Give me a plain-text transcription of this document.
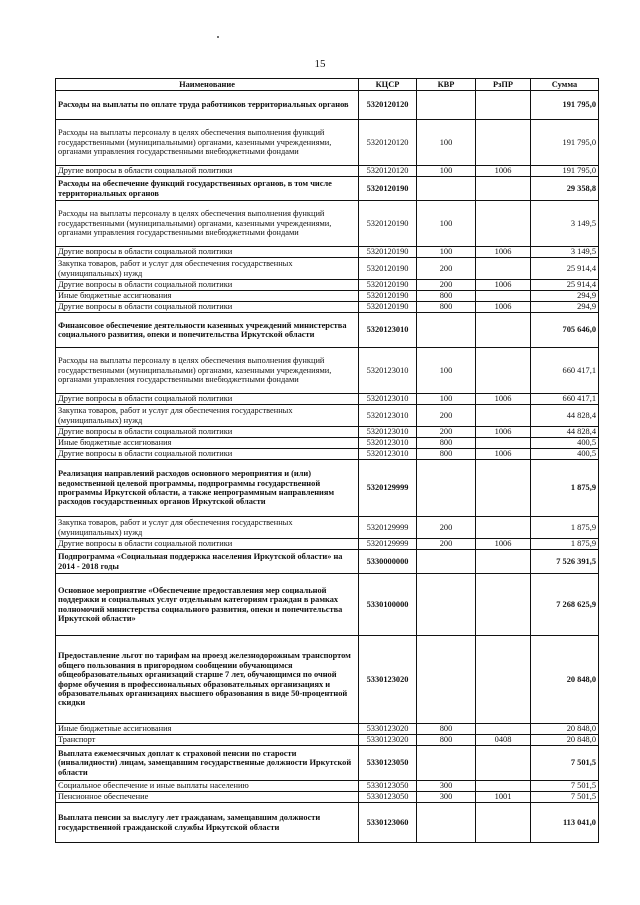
15
Наименование	КЦСР	КВР	РзПР	Сумма
Расходы на выплаты по оплате труда работников территориальных органов	5320120120			191 795,0
Расходы на выплаты персоналу в целях обеспечения выполнения функций государственными (муниципальными) органами, казенными учреждениями, органами управления государственными внебюджетными фондами	5320120120	100		191 795,0
Другие вопросы в области социальной политики	5320120120	100	1006	191 795,0
Расходы на обеспечение функций государственных органов, в том числе территориальных органов	5320120190			29 358,8
Расходы на выплаты персоналу в целях обеспечения выполнения функций государственными (муниципальными) органами, казенными учреждениями, органами управления государственными внебюджетными фондами	5320120190	100		3 149,5
Другие вопросы в области социальной политики	5320120190	100	1006	3 149,5
Закупка товаров, работ и услуг для обеспечения государственных (муниципальных) нужд	5320120190	200		25 914,4
Другие вопросы в области социальной политики	5320120190	200	1006	25 914,4
Иные бюджетные ассигнования	5320120190	800		294,9
Другие вопросы в области социальной политики	5320120190	800	1006	294,9
Финансовое обеспечение деятельности казенных учреждений министерства социального развития, опеки и попечительства Иркутской области	5320123010			705 646,0
Расходы на выплаты персоналу в целях обеспечения выполнения функций государственными (муниципальными) органами, казенными учреждениями, органами управления государственными внебюджетными фондами	5320123010	100		660 417,1
Другие вопросы в области социальной политики	5320123010	100	1006	660 417,1
Закупка товаров, работ и услуг для обеспечения государственных (муниципальных) нужд	5320123010	200		44 828,4
Другие вопросы в области социальной политики	5320123010	200	1006	44 828,4
Иные бюджетные ассигнования	5320123010	800		400,5
Другие вопросы в области социальной политики	5320123010	800	1006	400,5
Реализация направлений расходов основного мероприятия и (или) ведомственной целевой программы, подпрограммы государственной программы Иркутской области, а также непрограммным направлениям расходов государственных органов Иркутской области	5320129999			1 875,9
Закупка товаров, работ и услуг для обеспечения государственных (муниципальных) нужд	5320129999	200		1 875,9
Другие вопросы в области социальной политики	5320129999	200	1006	1 875,9
Подпрограмма «Социальная поддержка населения Иркутской области» на 2014 - 2018 годы	5330000000			7 526 391,5
Основное мероприятие «Обеспечение предоставления мер социальной поддержки и социальных услуг отдельным категориям граждан в рамках полномочий министерства социального развития, опеки и попечительства Иркутской области»	5330100000			7 268 625,9
Предоставление льгот по тарифам на проезд железнодорожным транспортом общего пользования в пригородном сообщении обучающимся общеобразовательных организаций старше 7 лет, обучающимся по очной форме обучения в профессиональных образовательных организациях и образовательных организациях высшего образования в виде 50-процентной скидки	5330123020			20 848,0
Иные бюджетные ассигнования	5330123020	800		20 848,0
Транспорт	5330123020	800	0408	20 848,0
Выплата ежемесячных доплат к страховой пенсии по старости (инвалидности) лицам, замещавшим государственные должности Иркутской области	5330123050			7 501,5
Социальное обеспечение и иные выплаты населению	5330123050	300		7 501,5
Пенсионное обеспечение	5330123050	300	1001	7 501,5
Выплата пенсии за выслугу лет гражданам, замещавшим должности государственной гражданской службы Иркутской области	5330123060			113 041,0
